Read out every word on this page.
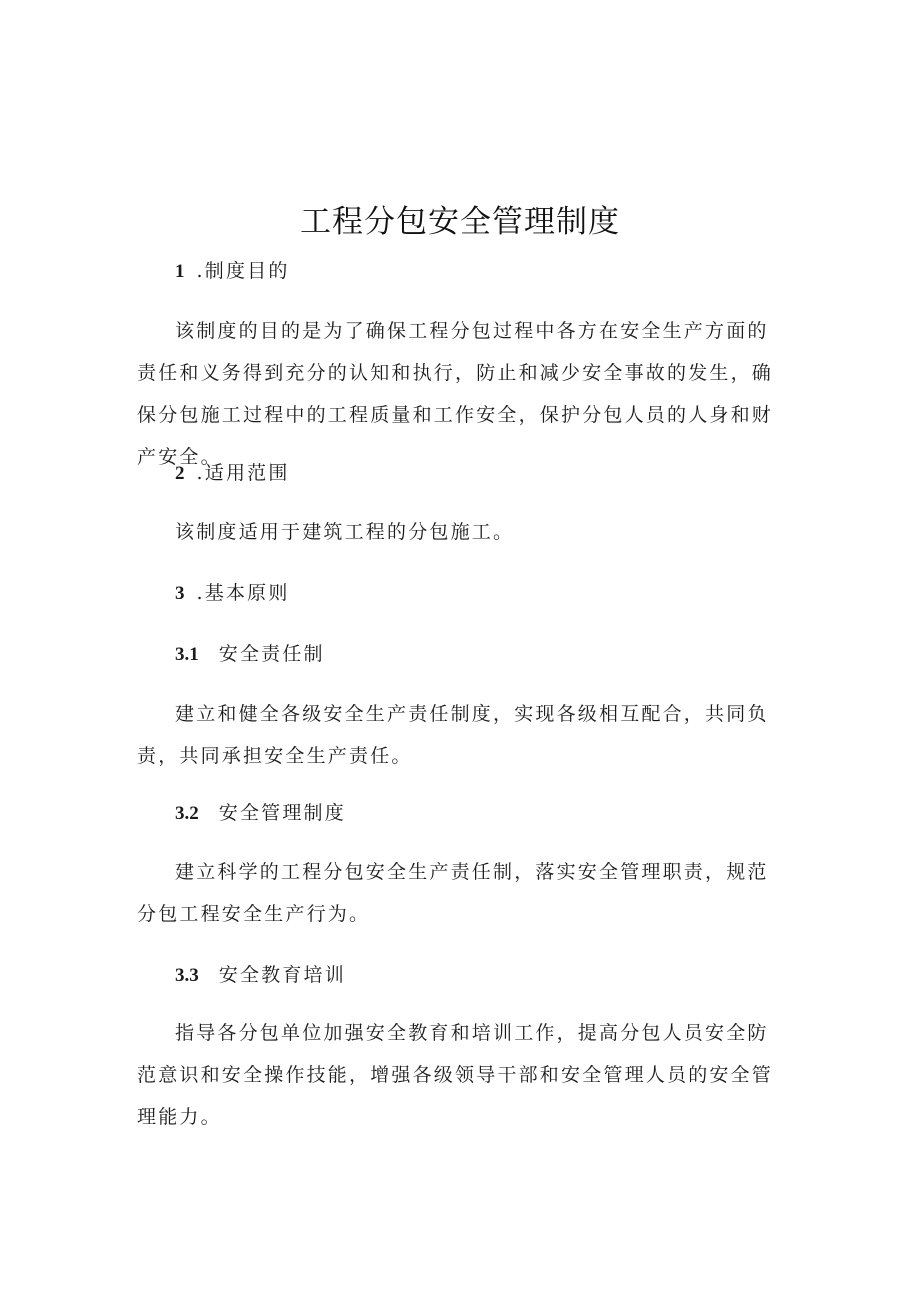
工程分包安全管理制度
1 .制度目的
该制度的目的是为了确保工程分包过程中各方在安全生产方面的责任和义务得到充分的认知和执行，防止和减少安全事故的发生，确保分包施工过程中的工程质量和工作安全，保护分包人员的人身和财产安全。
2 .适用范围
该制度适用于建筑工程的分包施工。
3 .基本原则
3.1 安全责任制
建立和健全各级安全生产责任制度，实现各级相互配合，共同负责，共同承担安全生产责任。
3.2 安全管理制度
建立科学的工程分包安全生产责任制，落实安全管理职责，规范分包工程安全生产行为。
3.3 安全教育培训
指导各分包单位加强安全教育和培训工作，提高分包人员安全防范意识和安全操作技能，增强各级领导干部和安全管理人员的安全管理能力。
